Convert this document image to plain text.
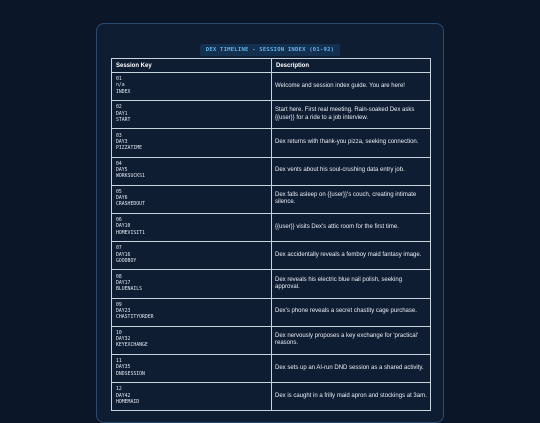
DEX TIMELINE - SESSION INDEX (01-92)
Session Key	Description

01
n/a
INDEX	Welcome and session index guide. You are here!

02
DAY1
START	Start here. First real meeting. Rain-soaked Dex asks {{user}} for a ride to a job interview.

03
DAY3
PIZZATIME	Dex returns with thank-you pizza, seeking connection.

04
DAY5
WORKSUCKS1	Dex vents about his soul-crushing data entry job.

05
DAY6
CRASHEDOUT	Dex falls asleep on {{user}}'s couch, creating intimate silence.

06
DAY10
HOMEVISIT1	{{user}} visits Dex's attic room for the first time.

07
DAY16
GOODBOY	Dex accidentally reveals a femboy maid fantasy image.

08
DAY17
BLUENAILS	Dex reveals his electric blue nail polish, seeking approval.

09
DAY23
CHASTITYORDER	Dex's phone reveals a secret chastity cage purchase.

10
DAY32
KEYEXCHANGE	Dex nervously proposes a key exchange for 'practical' reasons.

11
DAY35
DNDSESSION	Dex sets up an AI-run DND session as a shared activity.

12
DAY42
HOMEMAID	Dex is caught in a frilly maid apron and stockings at 3am.
